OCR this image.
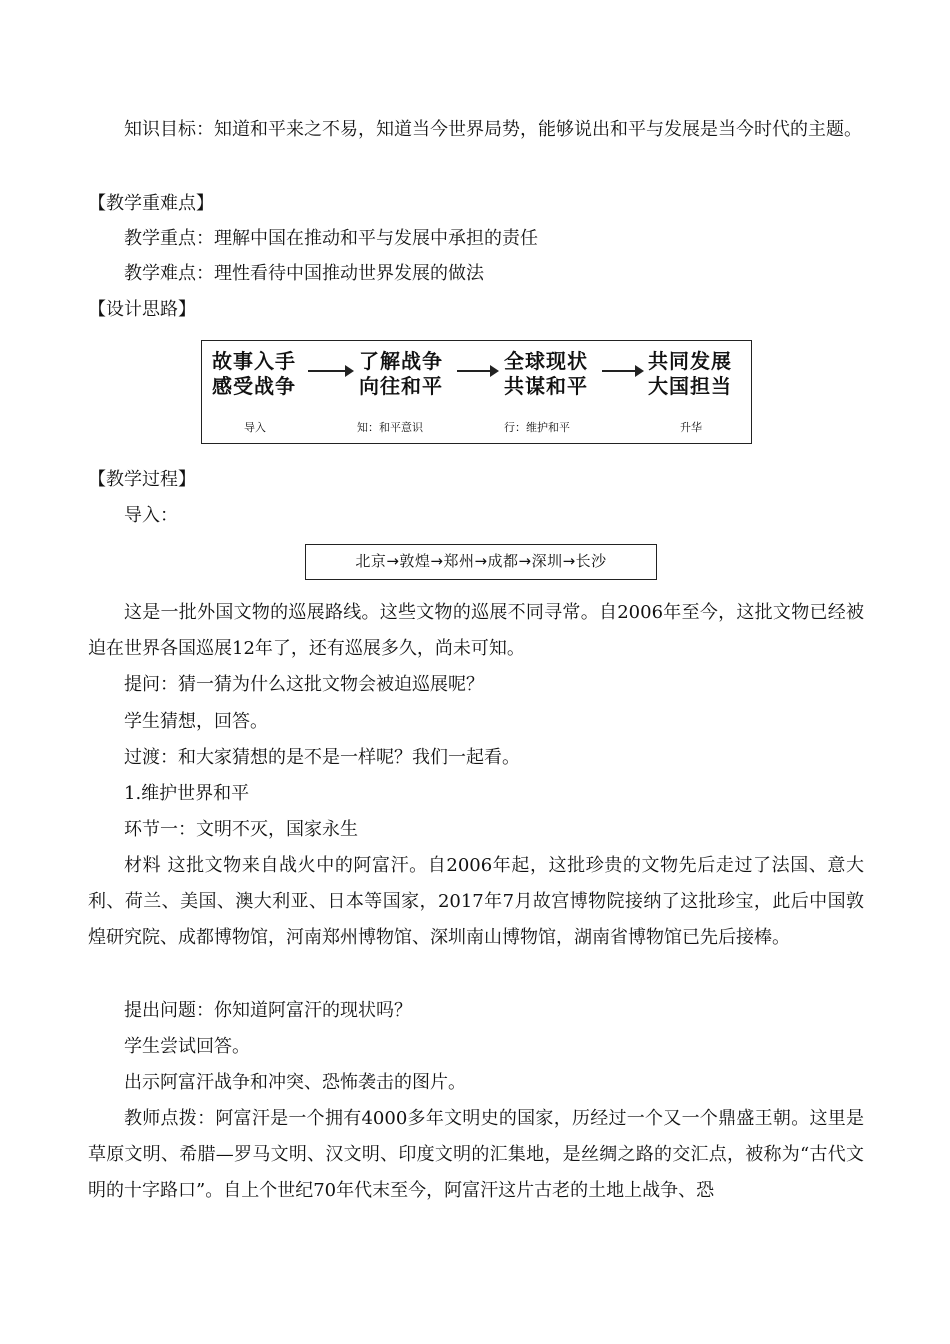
知识目标：知道和平来之不易，知道当今世界局势，能够说出和平与发展是当今时代的主题。

【教学重难点】

教学重点：理解中国在推动和平与发展中承担的责任

教学难点：理性看待中国推动世界发展的做法

【设计思路】
故事入手
感受战争
了解战争
向往和平
全球现状
共谋和平
共同发展
大国担当
导入	知：和平意识	行：维护和平	升华
【教学过程】

导入：

北京→敦煌→郑州→成都→深圳→长沙

这是一批外国文物的巡展路线。这些文物的巡展不同寻常。自2006年至今，这批文物已经被迫在世界各国巡展12年了，还有巡展多久，尚未可知。

提问：猜一猜为什么这批文物会被迫巡展呢？

学生猜想，回答。

过渡：和大家猜想的是不是一样呢？我们一起看。

1.维护世界和平

环节一：文明不灭，国家永生

材料 这批文物来自战火中的阿富汗。自2006年起，这批珍贵的文物先后走过了法国、意大利、荷兰、美国、澳大利亚、日本等国家，2017年7月故宫博物院接纳了这批珍宝，此后中国敦煌研究院、成都博物馆，河南郑州博物馆、深圳南山博物馆，湖南省博物馆已先后接棒。

提出问题：你知道阿富汗的现状吗？

学生尝试回答。

出示阿富汗战争和冲突、恐怖袭击的图片。

教师点拨：阿富汗是一个拥有4000多年文明史的国家，历经过一个又一个鼎盛王朝。这里是草原文明、希腊—罗马文明、汉文明、印度文明的汇集地，是丝绸之路的交汇点，被称为“古代文明的十字路口”。自上个世纪70年代末至今，阿富汗这片古老的土地上战争、恐
